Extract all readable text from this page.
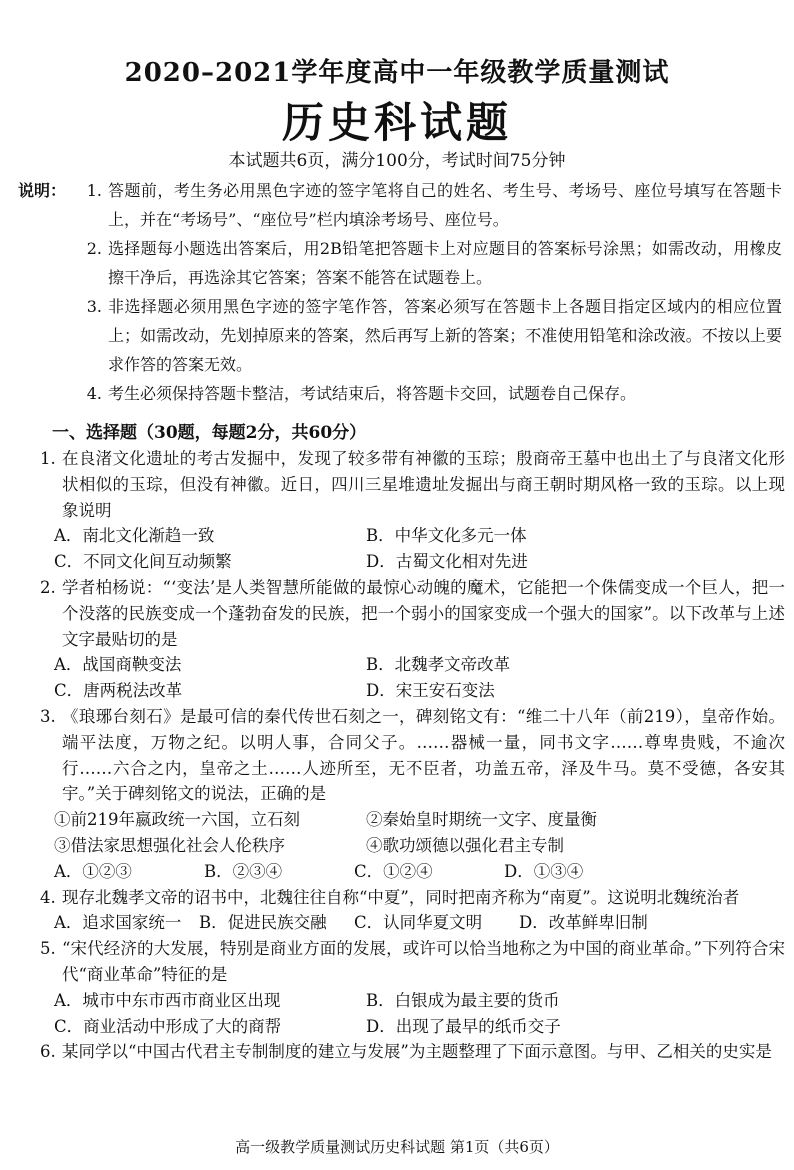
2020–2021学年度高中一年级教学质量测试
历史科试题
本试题共6页，满分100分，考试时间75分钟
说明：	1. 答题前，考生务必用黑色字迹的签字笔将自己的姓名、考生号、考场号、座位号填写在答题卡上，并在“考场号”、“座位号”栏内填涂考场号、座位号。
2. 选择题每小题选出答案后，用2B铅笔把答题卡上对应题目的答案标号涂黑；如需改动，用橡皮擦干净后，再选涂其它答案；答案不能答在试题卷上。
3. 非选择题必须用黑色字迹的签字笔作答，答案必须写在答题卡上各题目指定区域内的相应位置上；如需改动，先划掉原来的答案，然后再写上新的答案；不准使用铅笔和涂改液。不按以上要求作答的答案无效。
4. 考生必须保持答题卡整洁，考试结束后，将答题卡交回，试题卷自己保存。
一、选择题（30题，每题2分，共60分）
1. 在良渚文化遗址的考古发掘中，发现了较多带有神徽的玉琮；殷商帝王墓中也出土了与良渚文化形状相似的玉琮，但没有神徽。近日，四川三星堆遗址发掘出与商王朝时期风格一致的玉琮。以上现象说明
A．南北文化渐趋一致	B．中华文化多元一体
C．不同文化间互动频繁	D．古蜀文化相对先进
2. 学者柏杨说：“‘变法’是人类智慧所能做的最惊心动魄的魔术，它能把一个侏儒变成一个巨人，把一个没落的民族变成一个蓬勃奋发的民族，把一个弱小的国家变成一个强大的国家”。以下改革与上述文字最贴切的是
A．战国商鞅变法	B．北魏孝文帝改革
C．唐两税法改革	D．宋王安石变法
3. 《琅琊台刻石》是最可信的秦代传世石刻之一，碑刻铭文有：“维二十八年（前219），皇帝作始。端平法度，万物之纪。以明人事，合同父子。……器械一量，同书文字……尊卑贵贱，不逾次行……六合之内，皇帝之土……人迹所至，无不臣者，功盖五帝，泽及牛马。莫不受德，各安其宇。”关于碑刻铭文的说法，正确的是
①前219年嬴政统一六国，立石刻	②秦始皇时期统一文字、度量衡
③借法家思想强化社会人伦秩序	④歌功颂德以强化君主专制
A．①②③	B．②③④	C．①②④	D．①③④
4. 现存北魏孝文帝的诏书中，北魏往往自称“中夏”，同时把南齐称为“南夏”。这说明北魏统治者
A．追求国家统一	B．促进民族交融	C．认同华夏文明	D．改革鲜卑旧制
5. “宋代经济的大发展，特别是商业方面的发展，或许可以恰当地称之为中国的商业革命。”下列符合宋代“商业革命”特征的是
A．城市中东市西市商业区出现	B．白银成为最主要的货币
C．商业活动中形成了大的商帮	D．出现了最早的纸币交子
6. 某同学以“中国古代君主专制制度的建立与发展”为主题整理了下面示意图。与甲、乙相关的史实是
高一级教学质量测试历史科试题 第1页（共6页）
